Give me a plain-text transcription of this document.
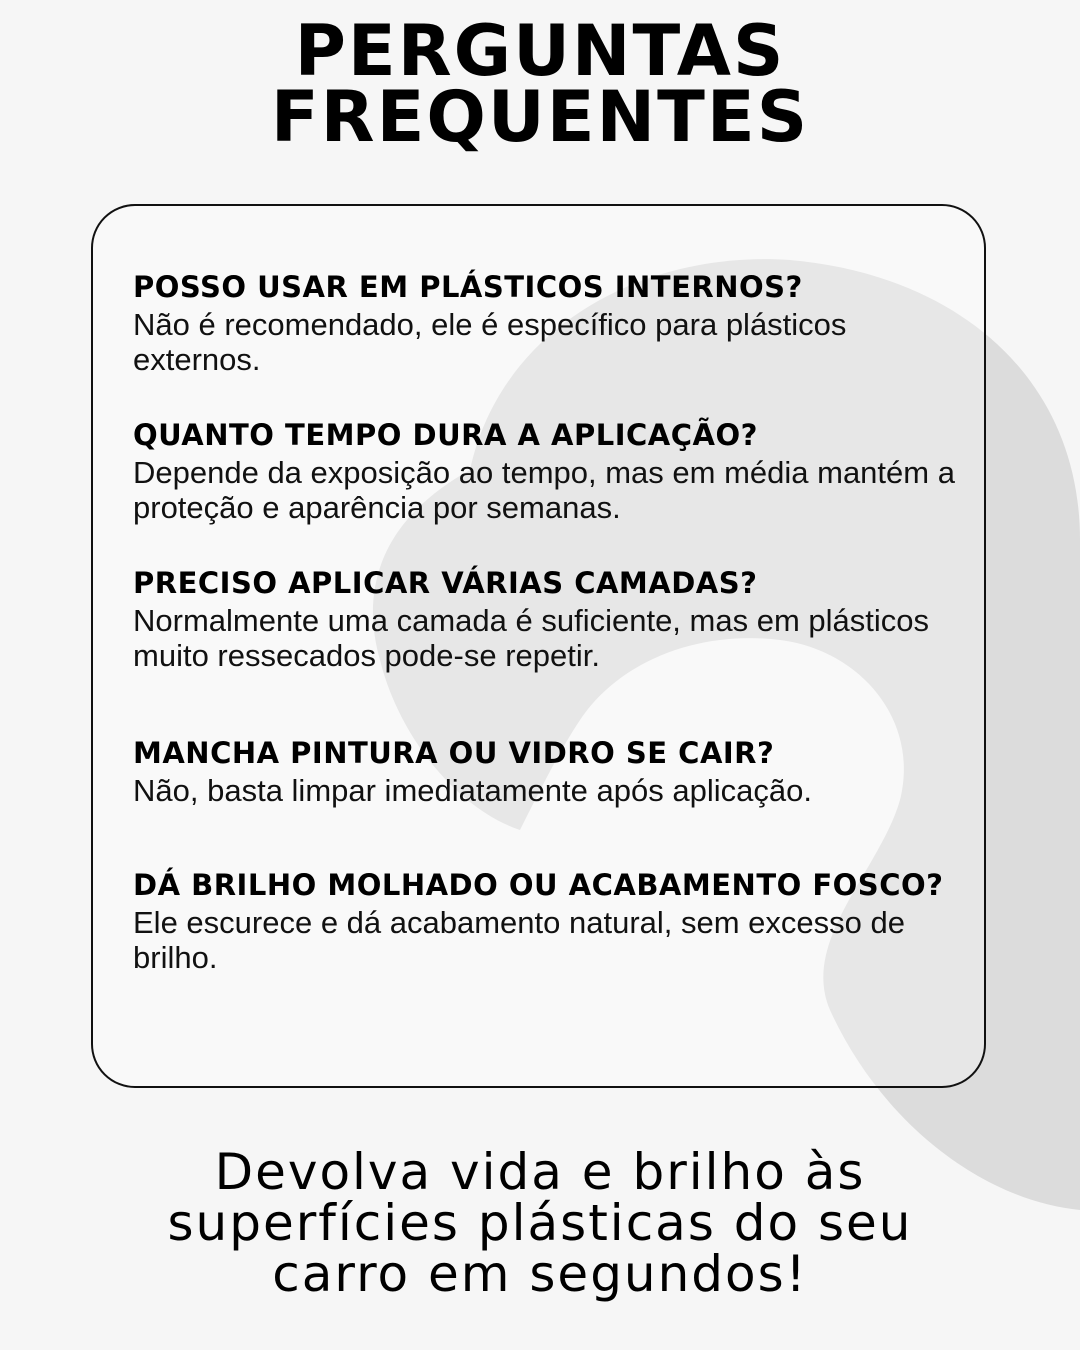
PERGUNTAS
FREQUENTES

POSSO USAR EM PLÁSTICOS INTERNOS?

Não é recomendado, ele é específico para plásticos externos.

QUANTO TEMPO DURA A APLICAÇÃO?

Depende da exposição ao tempo, mas em média mantém a proteção e aparência por semanas.

PRECISO APLICAR VÁRIAS CAMADAS?

Normalmente uma camada é suficiente, mas em plásticos muito ressecados pode-se repetir.

MANCHA PINTURA OU VIDRO SE CAIR?

Não, basta limpar imediatamente após aplicação.

DÁ BRILHO MOLHADO OU ACABAMENTO FOSCO?

Ele escurece e dá acabamento natural, sem excesso de brilho.

Devolva vida e brilho às superfícies plásticas do seu carro em segundos!
